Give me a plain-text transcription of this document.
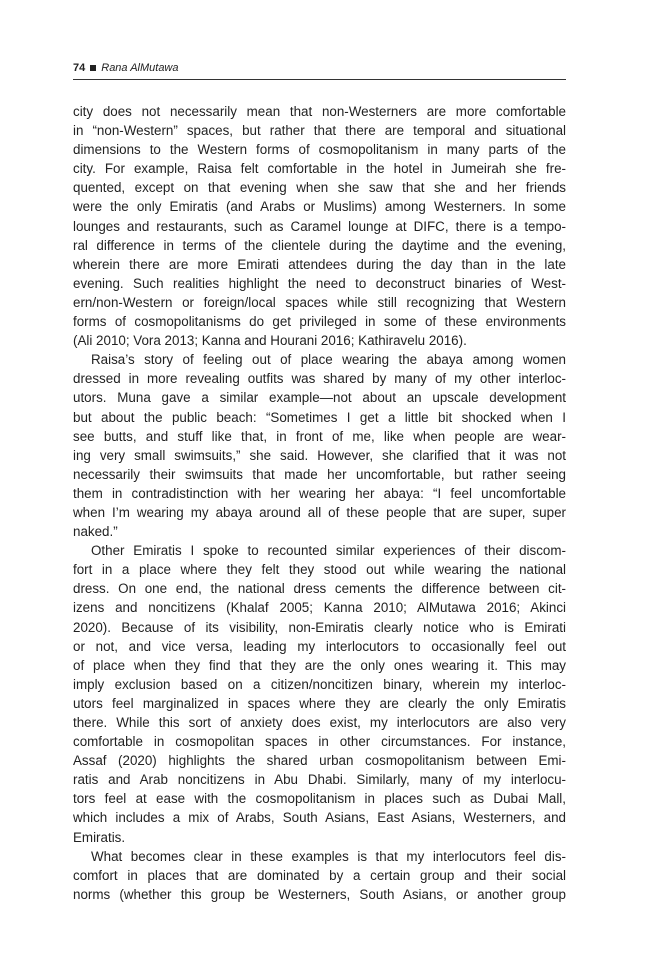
74 Rana AlMutawa
city does not necessarily mean that non-Westerners are more comfortable
in “non-Western” spaces, but rather that there are temporal and situational
dimensions to the Western forms of cosmopolitanism in many parts of the
city. For example, Raisa felt comfortable in the hotel in Jumeirah she fre-
quented, except on that evening when she saw that she and her friends
were the only Emiratis (and Arabs or Muslims) among Westerners. In some
lounges and restaurants, such as Caramel lounge at DIFC, there is a tempo-
ral difference in terms of the clientele during the daytime and the evening,
wherein there are more Emirati attendees during the day than in the late
evening. Such realities highlight the need to deconstruct binaries of West-
ern/non-Western or foreign/local spaces while still recognizing that Western
forms of cosmopolitanisms do get privileged in some of these environments
(Ali 2010; Vora 2013; Kanna and Hourani 2016; Kathiravelu 2016).
Raisa’s story of feeling out of place wearing the abaya among women
dressed in more revealing outfits was shared by many of my other interloc-
utors. Muna gave a similar example—not about an upscale development
but about the public beach: “Sometimes I get a little bit shocked when I
see butts, and stuff like that, in front of me, like when people are wear-
ing very small swimsuits,” she said. However, she clarified that it was not
necessarily their swimsuits that made her uncomfortable, but rather seeing
them in contradistinction with her wearing her abaya: “I feel uncomfortable
when I’m wearing my abaya around all of these people that are super, super
naked.”
Other Emiratis I spoke to recounted similar experiences of their discom-
fort in a place where they felt they stood out while wearing the national
dress. On one end, the national dress cements the difference between cit-
izens and noncitizens (Khalaf 2005; Kanna 2010; AlMutawa 2016; Akinci
2020). Because of its visibility, non-Emiratis clearly notice who is Emirati
or not, and vice versa, leading my interlocutors to occasionally feel out
of place when they find that they are the only ones wearing it. This may
imply exclusion based on a citizen/noncitizen binary, wherein my interloc-
utors feel marginalized in spaces where they are clearly the only Emiratis
there. While this sort of anxiety does exist, my interlocutors are also very
comfortable in cosmopolitan spaces in other circumstances. For instance,
Assaf (2020) highlights the shared urban cosmopolitanism between Emi-
ratis and Arab noncitizens in Abu Dhabi. Similarly, many of my interlocu-
tors feel at ease with the cosmopolitanism in places such as Dubai Mall,
which includes a mix of Arabs, South Asians, East Asians, Westerners, and
Emiratis.
What becomes clear in these examples is that my interlocutors feel dis-
comfort in places that are dominated by a certain group and their social
norms (whether this group be Westerners, South Asians, or another group
